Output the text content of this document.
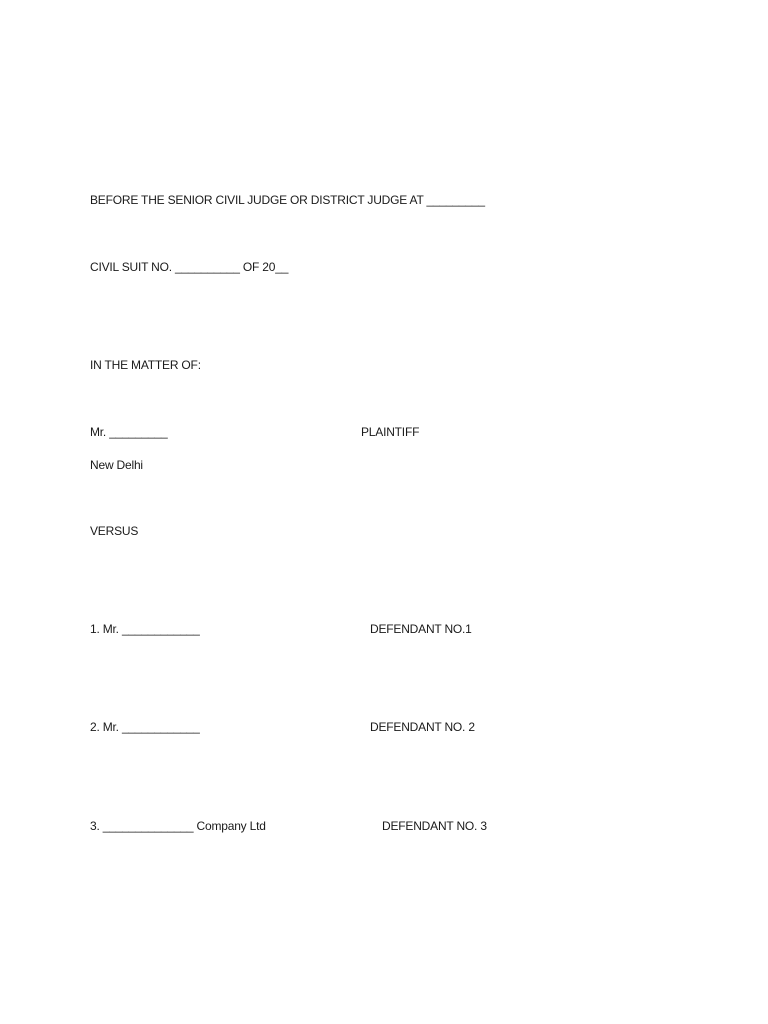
BEFORE THE SENIOR CIVIL JUDGE OR DISTRICT JUDGE AT _________
CIVIL SUIT NO. __________ OF 20__
IN THE MATTER OF:
Mr. _________	PLAINTIFF
New Delhi
VERSUS
1. Mr. ____________	DEFENDANT NO.1
2. Mr. ____________	DEFENDANT NO. 2
3. ______________ Company Ltd	DEFENDANT NO. 3
